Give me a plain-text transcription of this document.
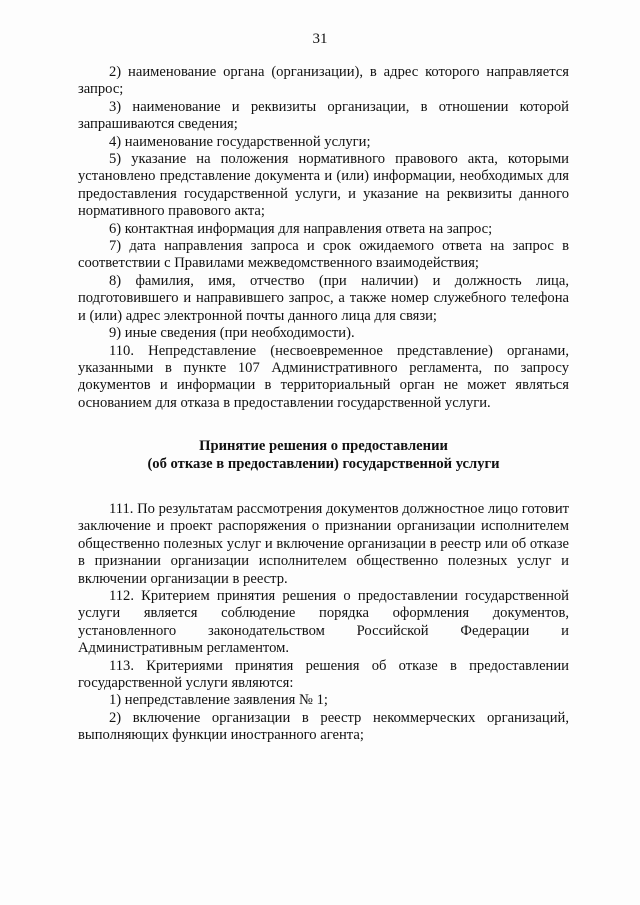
31

2) наименование органа (организации), в адрес которого направляется запрос;

3) наименование и реквизиты организации, в отношении которой запрашиваются сведения;

4) наименование государственной услуги;

5) указание на положения нормативного правового акта, которыми установлено представление документа и (или) информации, необходимых для предоставления государственной услуги, и указание на реквизиты данного нормативного правового акта;

6) контактная информация для направления ответа на запрос;

7) дата направления запроса и срок ожидаемого ответа на запрос в соответствии с Правилами межведомственного взаимодействия;

8) фамилия, имя, отчество (при наличии) и должность лица, подготовившего и направившего запрос, а также номер служебного телефона и (или) адрес электронной почты данного лица для связи;

9) иные сведения (при необходимости).

110. Непредставление (несвоевременное представление) органами, указанными в пункте 107 Административного регламента, по запросу документов и информации в территориальный орган не может являться основанием для отказа в предоставлении государственной услуги.

Принятие решения о предоставлении
(об отказе в предоставлении) государственной услуги

111. По результатам рассмотрения документов должностное лицо готовит заключение и проект распоряжения о признании организации исполнителем общественно полезных услуг и включение организации в реестр или об отказе в признании организации исполнителем общественно полезных услуг и включении организации в реестр.

112. Критерием принятия решения о предоставлении государственной услуги является соблюдение порядка оформления документов, установленного законодательством Российской Федерации и Административным регламентом.

113. Критериями принятия решения об отказе в предоставлении государственной услуги являются:

1) непредставление заявления № 1;

2) включение организации в реестр некоммерческих организаций, выполняющих функции иностранного агента;
